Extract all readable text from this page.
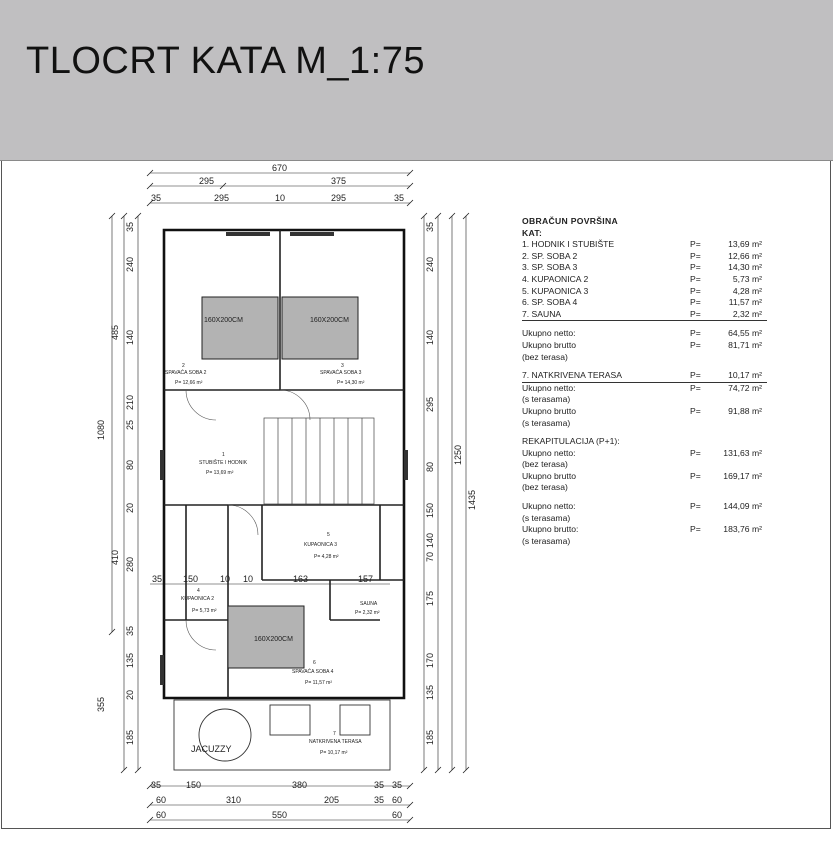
TLOCRT KATA M_1:75
670
295	375
35	295	10	295	35
35	150	380	35 35
60	310	205	35 60
60	550	60
1080
485
410
355
35
240
140
210
25
80
20
280
35
135
20
185
1435
1250
35
240
140
295
80
150
140
70
175
170
135
185
35 150 10 10	163	157
160X200CM	160X200CM
160X200CM
JACUZZY
2
SPAVAĆA SOBA 2
P= 12,66 m²
3
SPAVAĆA SOBA 3
P= 14,30 m²
1
STUBIŠTE I HODNIK
P= 13,69 m²
4
KUPAONICA 2
P= 5,73 m²
5
KUPAONICA 3
P= 4,28 m²
6
SPAVAĆA SOBA 4
P= 11,57 m²
SAUNA
P= 2,32 m²
7
NATKRIVENA TERASA
P= 10,17 m²
OBRAČUN POVRŠINA
KAT:
1. HODNIK I STUBIŠTE	P=	13,69 m²
2. SP. SOBA 2	P=	12,66 m²
3. SP. SOBA 3	P=	14,30 m²
4. KUPAONICA 2	P=	5,73 m²
5. KUPAONICA 3	P=	4,28 m²
6. SP. SOBA 4	P=	11,57 m²
7. SAUNA	P=	2,32 m²
Ukupno netto:	P=	64,55 m²
Ukupno brutto	P=	81,71 m²
(bez terasa)
7. NATKRIVENA TERASA	P=	10,17 m²
Ukupno netto:	P=	74,72 m²
(s terasama)
Ukupno brutto	P=	91,88 m²
(s terasama)
REKAPITULACIJA (P+1):
Ukupno netto:	P=	131,63 m²
(bez terasa)
Ukupno brutto	P=	169,17 m²
(bez terasa)
Ukupno netto:	P=	144,09 m²
(s terasama)
Ukupno brutto:	P=	183,76 m²
(s terasama)
